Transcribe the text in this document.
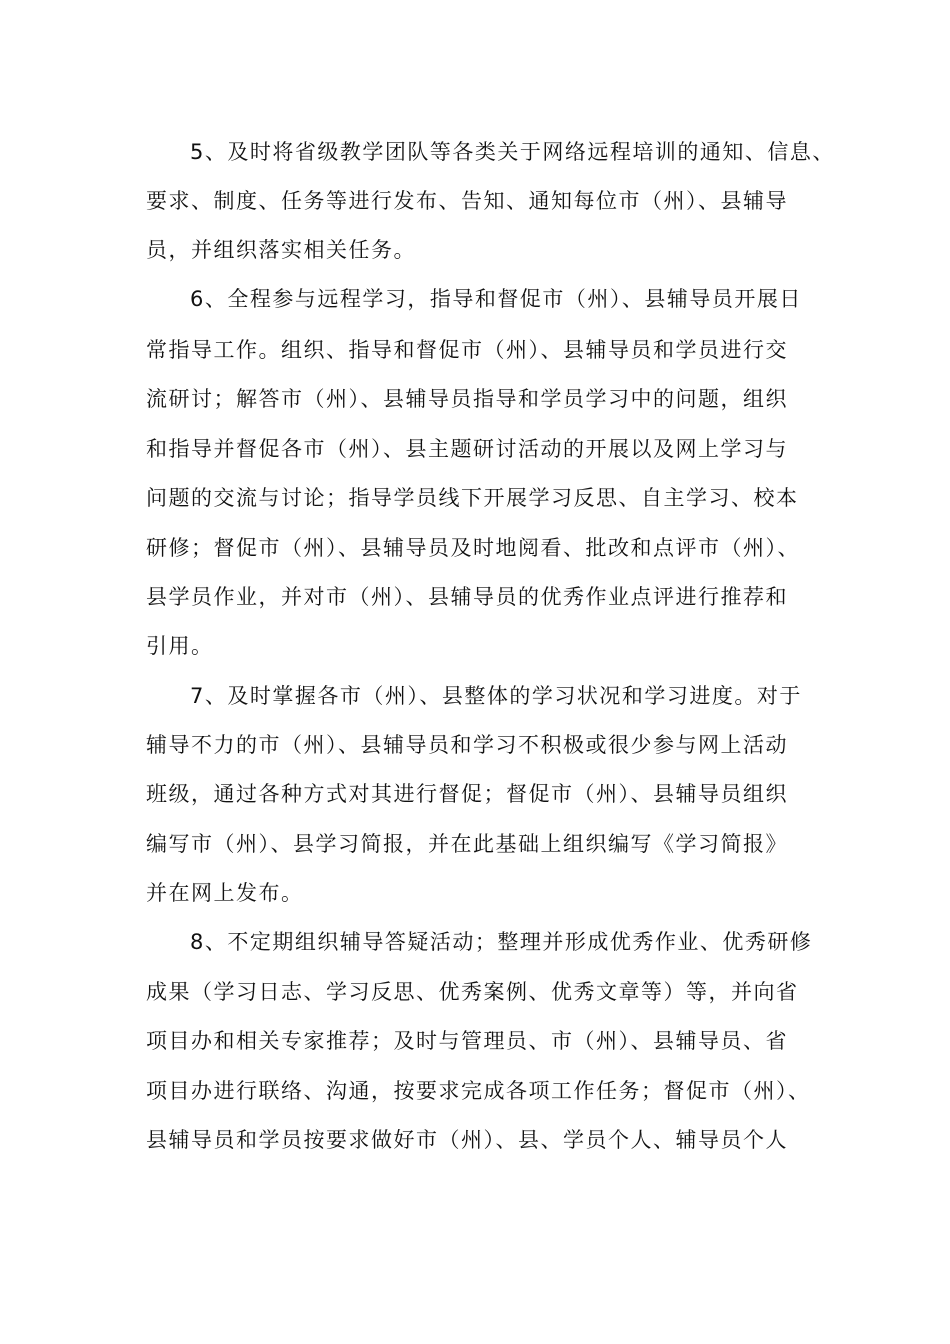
5、及时将省级教学团队等各类关于网络远程培训的通知、信息、
要求、制度、任务等进行发布、告知、通知每位市（州）、县辅导
员，并组织落实相关任务。
6、全程参与远程学习，指导和督促市（州）、县辅导员开展日
常指导工作。组织、指导和督促市（州）、县辅导员和学员进行交
流研讨；解答市（州）、县辅导员指导和学员学习中的问题，组织
和指导并督促各市（州）、县主题研讨活动的开展以及网上学习与
问题的交流与讨论；指导学员线下开展学习反思、自主学习、校本
研修；督促市（州）、县辅导员及时地阅看、批改和点评市（州）、
县学员作业，并对市（州）、县辅导员的优秀作业点评进行推荐和
引用。
7、及时掌握各市（州）、县整体的学习状况和学习进度。对于
辅导不力的市（州）、县辅导员和学习不积极或很少参与网上活动
班级，通过各种方式对其进行督促；督促市（州）、县辅导员组织
编写市（州）、县学习简报，并在此基础上组织编写《学习简报》
并在网上发布。
8、不定期组织辅导答疑活动；整理并形成优秀作业、优秀研修
成果（学习日志、学习反思、优秀案例、优秀文章等）等，并向省
项目办和相关专家推荐；及时与管理员、市（州）、县辅导员、省
项目办进行联络、沟通，按要求完成各项工作任务；督促市（州）、
县辅导员和学员按要求做好市（州）、县、学员个人、辅导员个人
